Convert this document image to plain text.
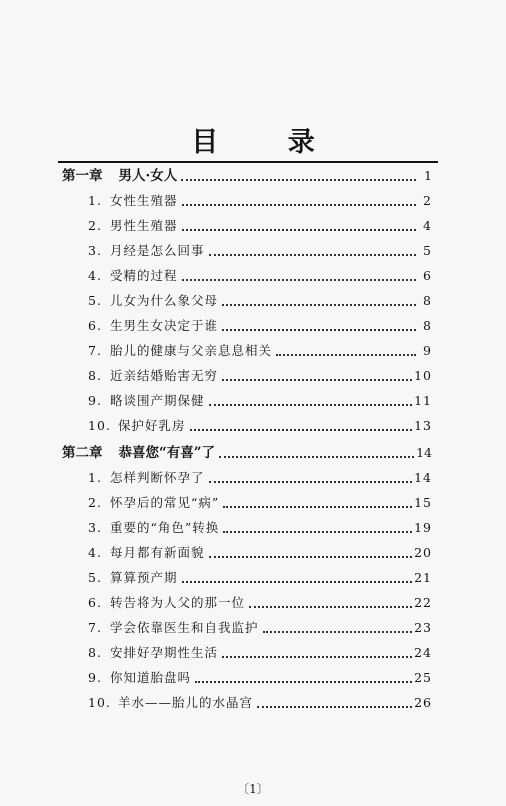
目 录
第一章 男人·女人	1
1. 女性生殖器	2
2. 男性生殖器	4
3. 月经是怎么回事	5
4. 受精的过程	6
5. 儿女为什么象父母	8
6. 生男生女决定于谁	8
7. 胎儿的健康与父亲息息相关	9
8. 近亲结婚贻害无穷	10
9. 略谈围产期保健	11
10. 保护好乳房	13
第二章 恭喜您“有喜”了	14
1. 怎样判断怀孕了	14
2. 怀孕后的常见“病”	15
3. 重要的“角色”转换	19
4. 每月都有新面貌	20
5. 算算预产期	21
6. 转告将为人父的那一位	22
7. 学会依靠医生和自我监护	23
8. 安排好孕期性生活	24
9. 你知道胎盘吗	25
10. 羊水——胎儿的水晶宫	26
〔1〕
